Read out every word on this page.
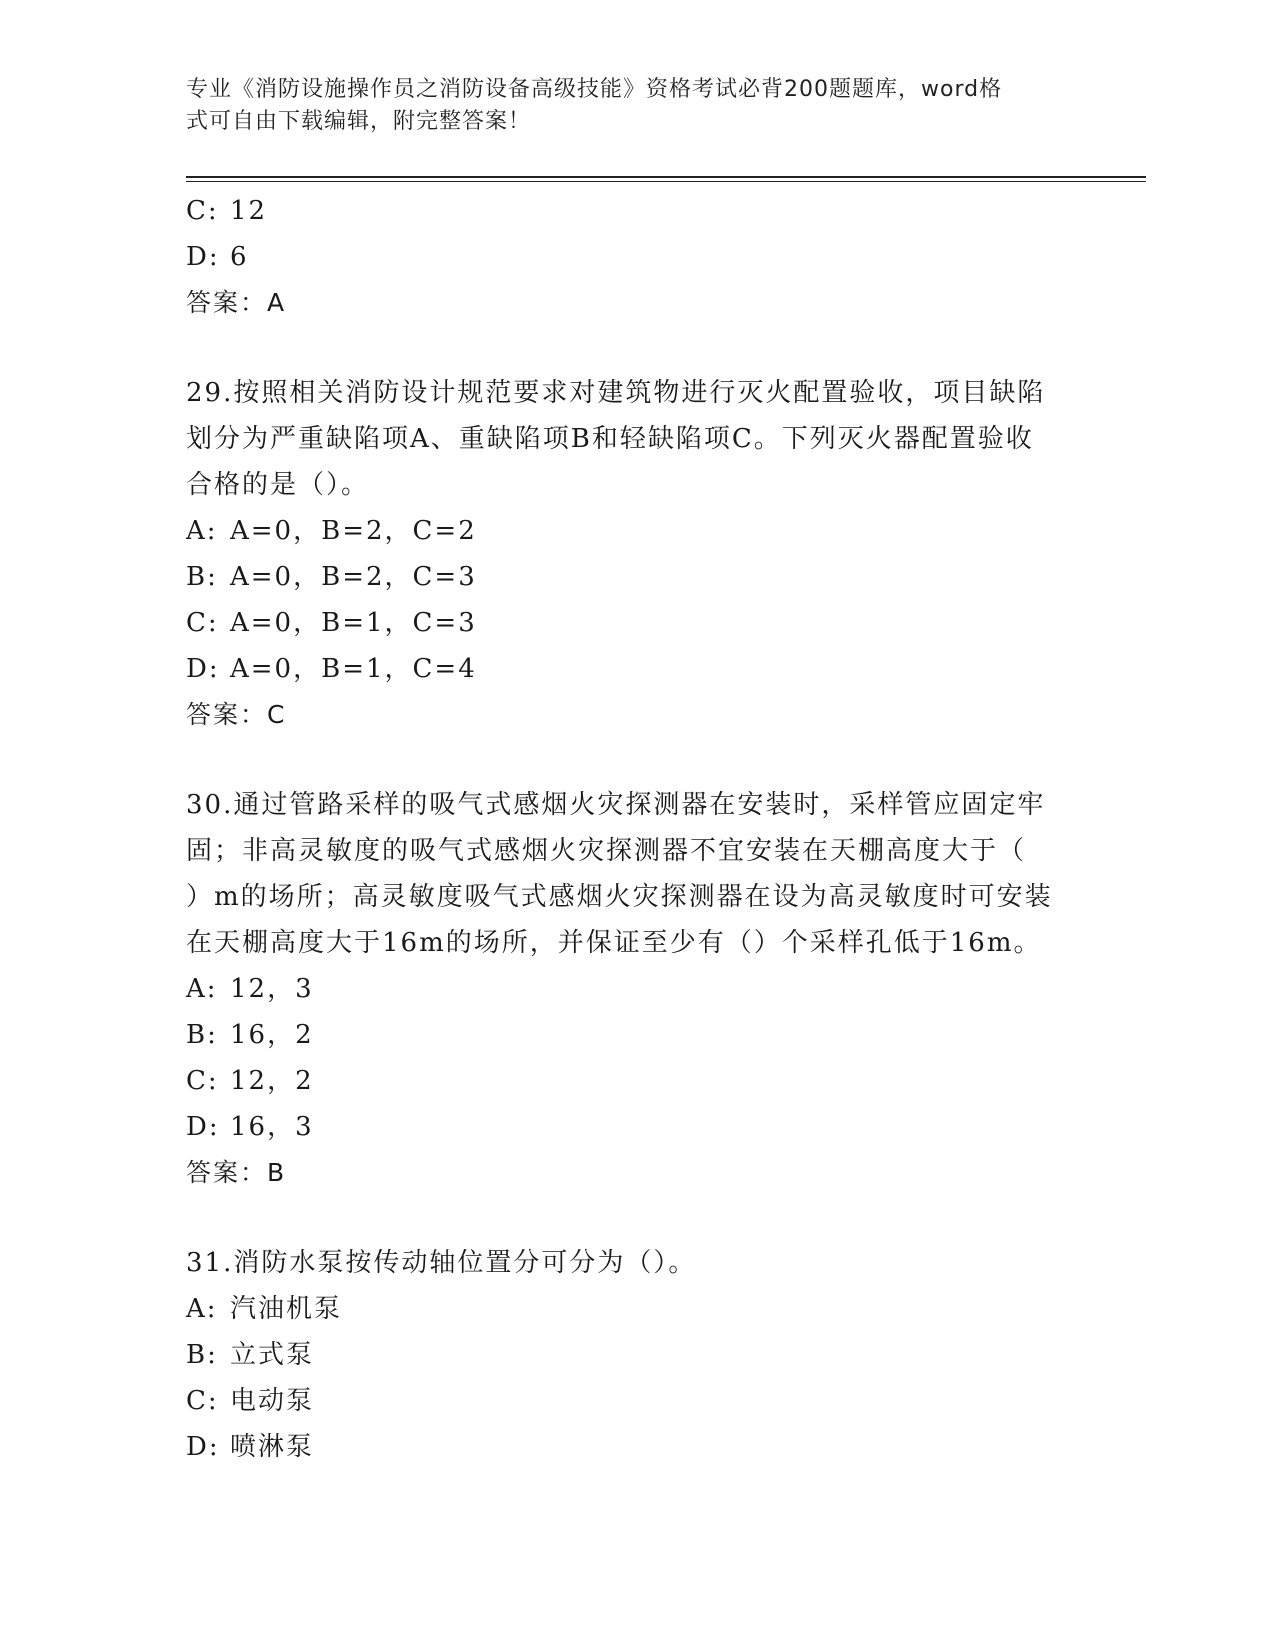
专业《消防设施操作员之消防设备高级技能》资格考试必背200题题库，word格
式可自由下载编辑，附完整答案！
C: 12
D: 6
答案：A
29.按照相关消防设计规范要求对建筑物进行灭火配置验收，项目缺陷
划分为严重缺陷项A、重缺陷项B和轻缺陷项C。下列灭火器配置验收
合格的是（）。
A: A=0，B=2，C=2
B: A=0，B=2，C=3
C: A=0，B=1，C=3
D: A=0，B=1，C=4
答案：C
30.通过管路采样的吸气式感烟火灾探测器在安装时，采样管应固定牢
固；非高灵敏度的吸气式感烟火灾探测器不宜安装在天棚高度大于（
）m的场所；高灵敏度吸气式感烟火灾探测器在设为高灵敏度时可安装
在天棚高度大于16m的场所，并保证至少有（）个采样孔低于16m。
A: 12，3
B: 16，2
C: 12，2
D: 16，3
答案：B
31.消防水泵按传动轴位置分可分为（）。
A: 汽油机泵
B: 立式泵
C: 电动泵
D: 喷淋泵
